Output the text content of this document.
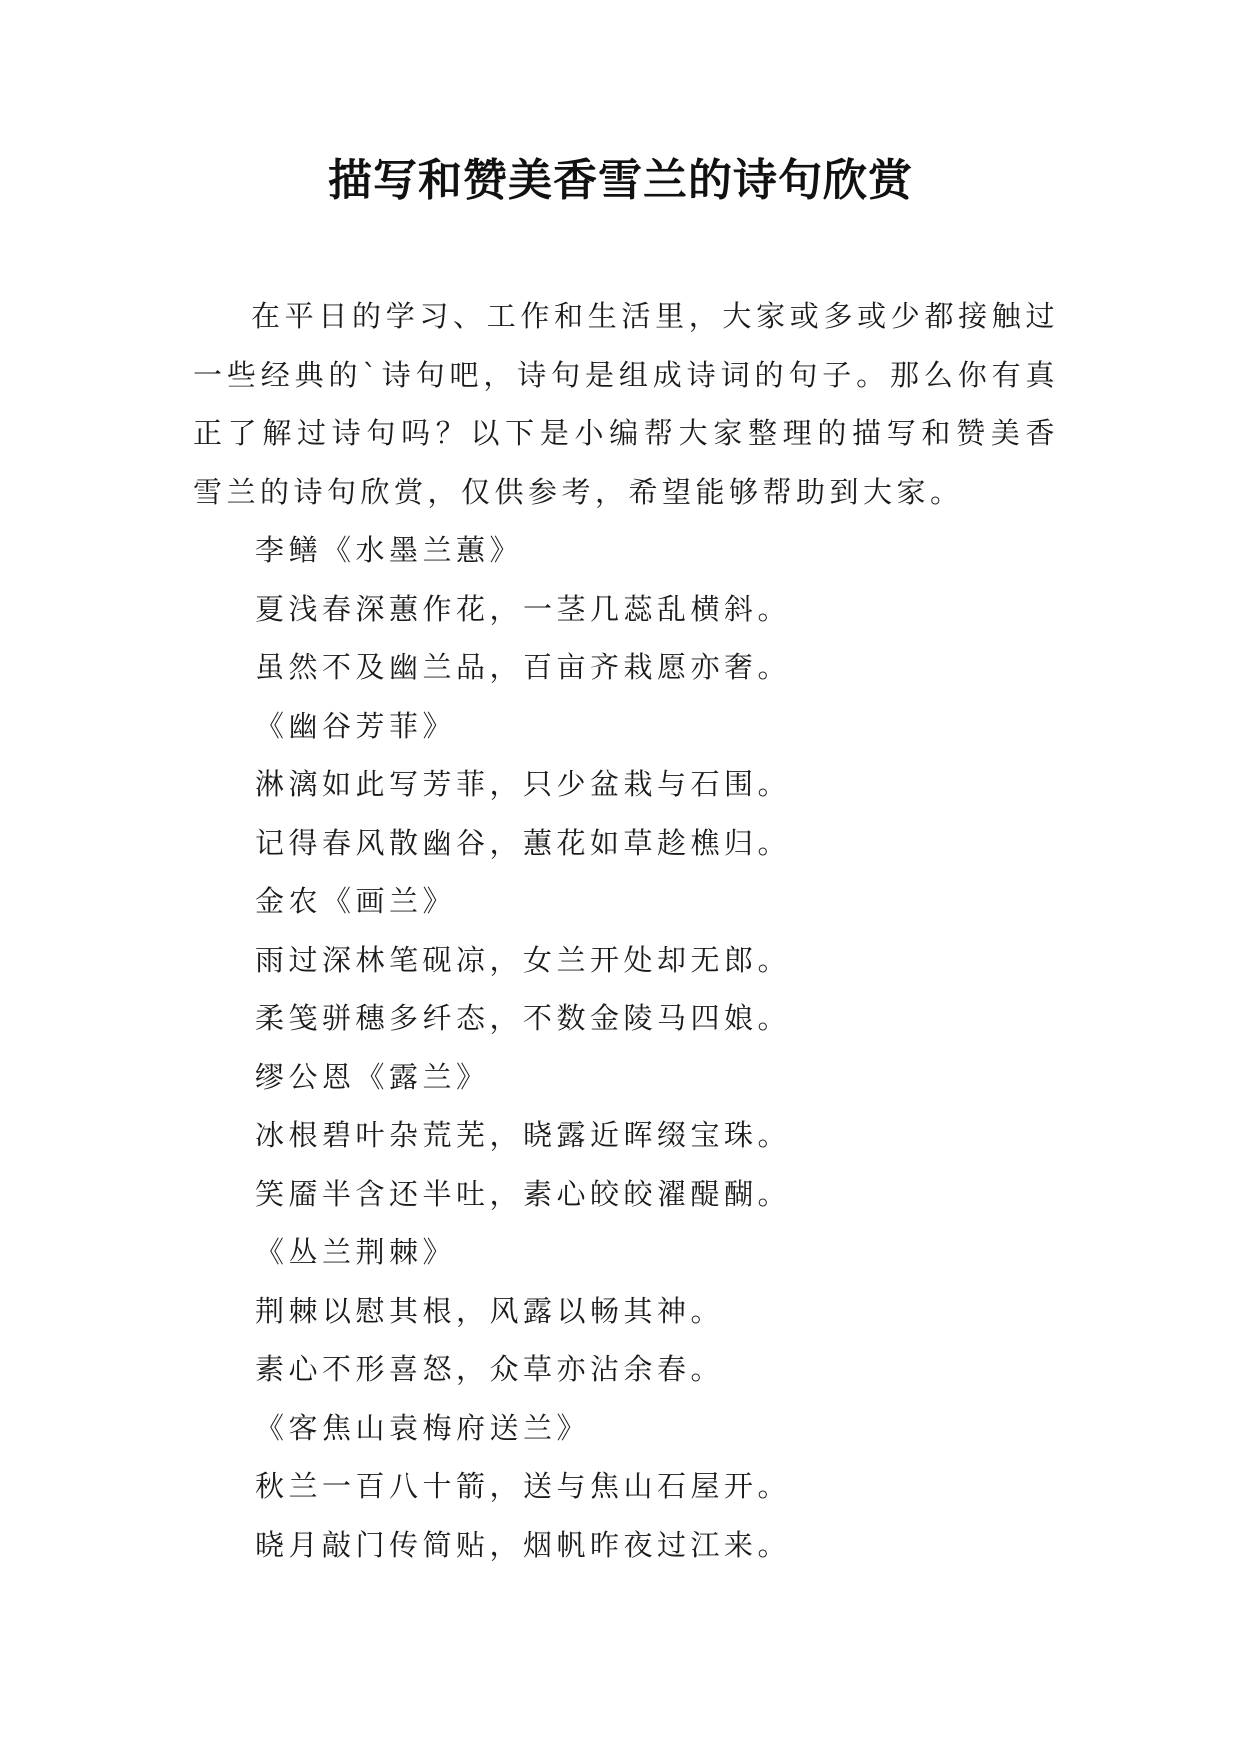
描写和赞美香雪兰的诗句欣赏

在平日的学习、工作和生活里，大家或多或少都接触过一些经典的`诗句吧，诗句是组成诗词的句子。那么你有真正了解过诗句吗？以下是小编帮大家整理的描写和赞美香雪兰的诗句欣赏，仅供参考，希望能够帮助到大家。

李鳝《水墨兰蕙》

夏浅春深蕙作花，一茎几蕊乱横斜。

虽然不及幽兰品，百亩齐栽愿亦奢。

《幽谷芳菲》

淋漓如此写芳菲，只少盆栽与石围。

记得春风散幽谷，蕙花如草趁樵归。

金农《画兰》

雨过深林笔砚凉，女兰开处却无郎。

柔笺骈穗多纤态，不数金陵马四娘。

缪公恩《露兰》

冰根碧叶杂荒芜，晓露近晖缀宝珠。

笑靥半含还半吐，素心皎皎濯醍醐。

《丛兰荆棘》

荆棘以慰其根，风露以畅其神。

素心不形喜怒，众草亦沾余春。

《客焦山袁梅府送兰》

秋兰一百八十箭，送与焦山石屋开。

晓月敲门传简贴，烟帆昨夜过江来。
